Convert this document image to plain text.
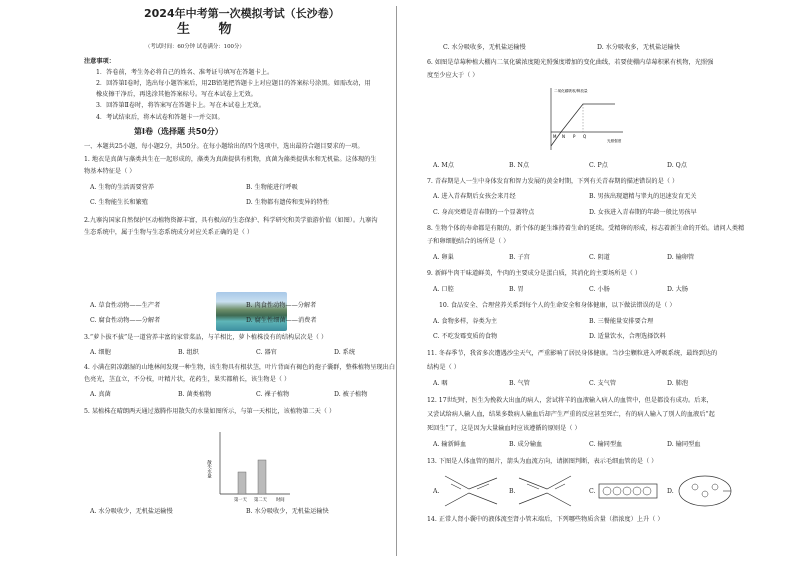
2024年中考第一次模拟考试（长沙卷）
生 物
（考试时间：60分钟 试卷满分：100分）
注意事项：
1．答卷前，考生务必将自己的姓名、准考证号填写在答题卡上。
2．回答第Ⅰ卷时，选出每小题答案后，用2B铅笔把答题卡上对应题目的答案标号涂黑。如需改动，用
橡皮擦干净后，再选涂其他答案标号。写在本试卷上无效。
3．回答第Ⅱ卷时，将答案写在答题卡上。写在本试卷上无效。
4．考试结束后，将本试卷和答题卡一并交回。
第Ⅰ卷（选择题 共50分）
一、本题共25小题，每小题2分，共50分。在每小题给出的四个选项中，选出最符合题目要求的一项。
1. 地衣是真菌与藻类共生在一起形成的，藻类为真菌提供有机物，真菌为藻类提供水和无机盐。这体现的生
物基本特征是（ ）
A. 生物的生活需要营养	B. 生物能进行呼吸
C. 生物能生长和繁殖	D. 生物都有遗传和变异的特性
2.九寨沟国家自然保护区动植物资源丰富，具有极高的生态保护、科学研究和美学旅游价值（如图）。九寨沟
生态系统中，属于生物与生态系统成分对应关系正确的是（ ）
A. 草食性动物——生产者	B. 肉食性动物——分解者
C. 腐食性动物——分解者	D. 腐生性细菌——消费者
3.“萝卜拔不拔”是一道营养丰富的家常菜品，与羊相比，萝卜植株没有的结构层次是（ ）
A. 细胞	B. 组织	C. 器官	D. 系统
4. 小满在阴凉潮湿的山地林间发现一种生物，该生物具有根状茎，叶片背面有褐色的孢子囊群，整株植物呈现出白
色亮光，茎直立，不分枝，叶精片状，花药生，果实都稍长，该生物是（ ）
A. 真菌	B. 菌类植物	C. 裸子植物	D. 被子植物
5. 某植株在晴朗两天通过蒸腾作用散失的水量如图所示，与第一天相比，该植物第二天（ ）
散失水量
第一天 第二天 时间
A. 水分吸收少，无机盐运输慢	B. 水分吸收少，无机盐运输快
C. 水分吸收多，无机盐运输慢	D. 水分吸收多，无机盐运输快
6. 如图是草莓种植大棚内二氧化碳浓度随光照强度增加的变化曲线，若要使棚内草莓积累有机物，光照强
度至少应大于（ ）
二氧化碳吸收/释放量
M N P Q
光照强度
A. M点	B. N点	C. P点	D. Q点
7. 青春期是人一生中身体发育和智力发展的黄金时期，下列有关青春期的描述错误的是（ ）
A. 进入青春期后女孩会来月经	B. 男孩出现遗精与睾丸的迅速发育无关
C. 身高突增是青春期的一个显著特点	D. 女孩进入青春期的年龄一般比男孩早
8. 生物个体的寿命都是有限的，新个体的诞生维持着生命的延续。受精卵的形成，标志着新生命的开始。请问人类精
子和卵细胞结合的场所是（ ）
A. 卵巢	B. 子宫	C. 阴道	D. 输卵管
9. 新鲜牛肉干味道鲜美，牛肉的主要成分是蛋白质，其消化的主要场所是（ ）
A. 口腔	B. 胃	C. 小肠	D. 大肠
10. 食品安全、合理营养关系到每个人的生命安全和身体健康，以下做法错误的是（ ）
A. 食物多样，谷类为主	B. 三餐能量安排要合理
C. 不吃发霉变质的食物	D. 适量饮水，合理选择饮料
11. 冬春季节，我省多次遭遇沙尘天气，严重影响了居民身体健康。当沙尘颗粒进入呼吸系统，最终到达的
结构是（ ）
A. 咽	B. 气管	C. 支气管	D. 肺泡
12. 17世纪时，医生为挽救大出血的病人，尝试将羊的血液输入病人的血管中，但是都没有成功。后来，
又尝试给病人输人血，结果多数病人输血后却产生严重的反应甚至死亡，有的病人输入了别人的血液后“起
死回生”了，这是因为大量输血时应该遵循的原则是（ ）
A. 输新鲜血	B. 成分输血	C. 输同型血	D. 输同型血
13. 下图是人体血管的图片，箭头为血流方向，请据图判断，表示毛细血管的是（ ）
A.	B.	C.	D.
14. 正常人肾小囊中的液体流至肾小管末端后，下列哪些物质含量（指浓度）上升（ ）
